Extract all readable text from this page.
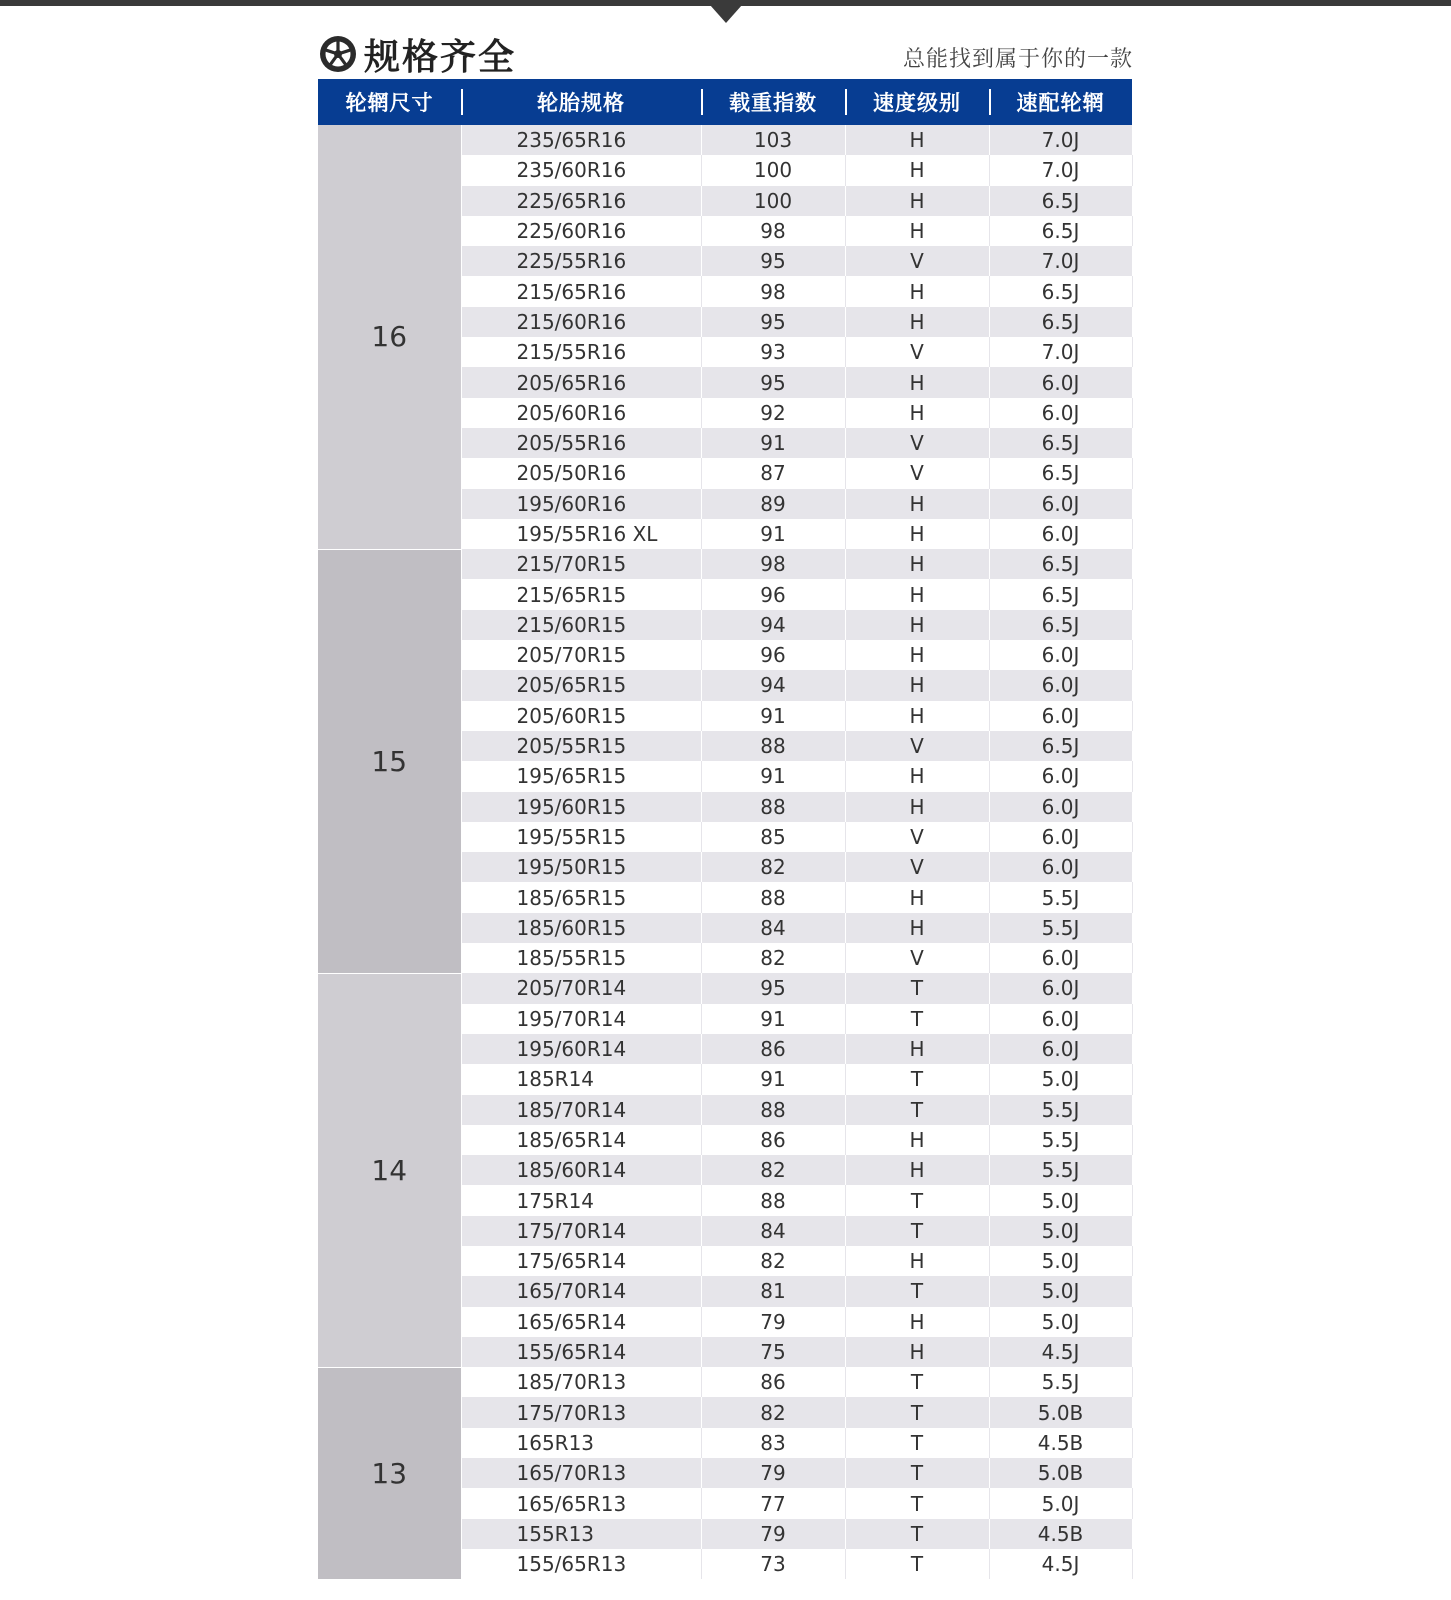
规格齐全	总能找到属于你的一款
轮辋尺寸	轮胎规格	载重指数	速度级别	速配轮辋
16	235/65R16	103	H	7.0J
	235/60R16	100	H	7.0J
	225/65R16	100	H	6.5J
	225/60R16	98	H	6.5J
	225/55R16	95	V	7.0J
	215/65R16	98	H	6.5J
	215/60R16	95	H	6.5J
	215/55R16	93	V	7.0J
	205/65R16	95	H	6.0J
	205/60R16	92	H	6.0J
	205/55R16	91	V	6.5J
	205/50R16	87	V	6.5J
	195/60R16	89	H	6.0J
	195/55R16 XL	91	H	6.0J
15	215/70R15	98	H	6.5J
	215/65R15	96	H	6.5J
	215/60R15	94	H	6.5J
	205/70R15	96	H	6.0J
	205/65R15	94	H	6.0J
	205/60R15	91	H	6.0J
	205/55R15	88	V	6.5J
	195/65R15	91	H	6.0J
	195/60R15	88	H	6.0J
	195/55R15	85	V	6.0J
	195/50R15	82	V	6.0J
	185/65R15	88	H	5.5J
	185/60R15	84	H	5.5J
	185/55R15	82	V	6.0J
14	205/70R14	95	T	6.0J
	195/70R14	91	T	6.0J
	195/60R14	86	H	6.0J
	185R14	91	T	5.0J
	185/70R14	88	T	5.5J
	185/65R14	86	H	5.5J
	185/60R14	82	H	5.5J
	175R14	88	T	5.0J
	175/70R14	84	T	5.0J
	175/65R14	82	H	5.0J
	165/70R14	81	T	5.0J
	165/65R14	79	H	5.0J
	155/65R14	75	H	4.5J
13	185/70R13	86	T	5.5J
	175/70R13	82	T	5.0B
	165R13	83	T	4.5B
	165/70R13	79	T	5.0B
	165/65R13	77	T	5.0J
	155R13	79	T	4.5B
	155/65R13	73	T	4.5J
